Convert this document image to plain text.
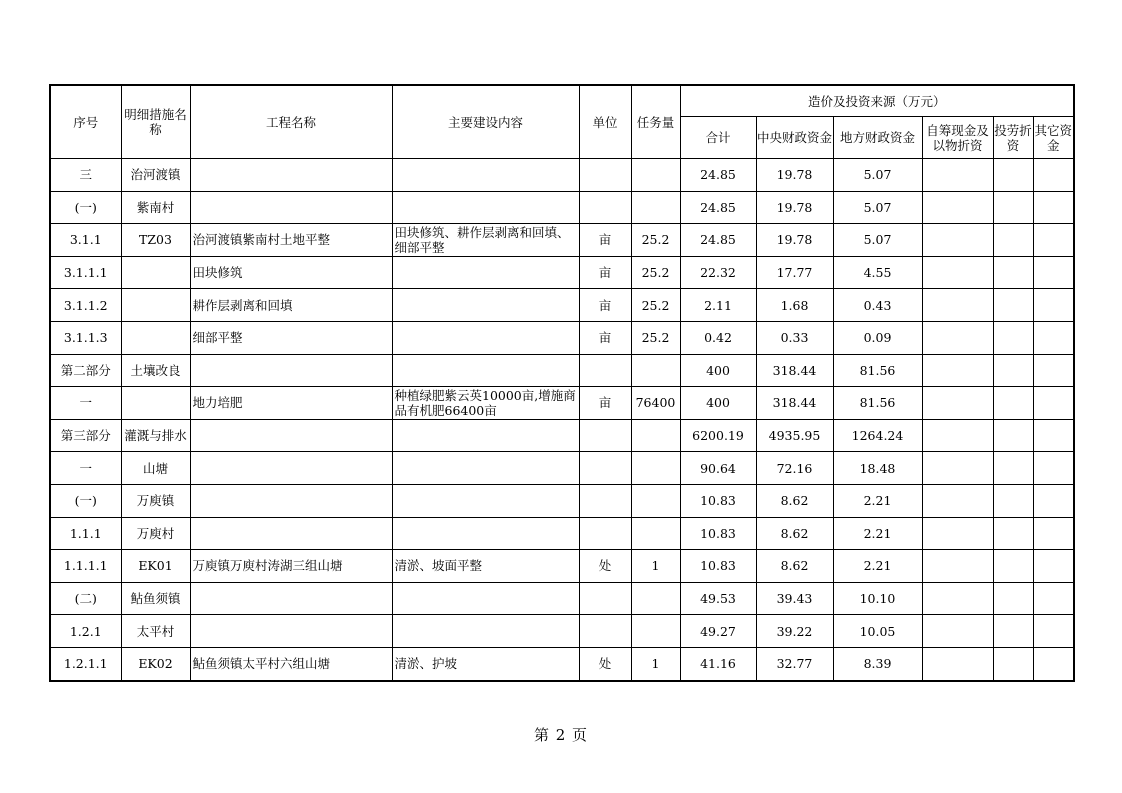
序号	明细措施名称	工程名称	主要建设内容	单位	任务量	造价及投资来源（万元）					
						合计	中央财政资金	地方财政资金	自筹现金及以物折资	投劳折资	其它资金
三	治河渡镇					24.85	19.78	5.07			
(一)	紫南村					24.85	19.78	5.07			
3.1.1	TZ03	治河渡镇紫南村土地平整	田块修筑、耕作层剥离和回填、细部平整	亩	25.2	24.85	19.78	5.07			
3.1.1.1		田块修筑		亩	25.2	22.32	17.77	4.55			
3.1.1.2		耕作层剥离和回填		亩	25.2	2.11	1.68	0.43			
3.1.1.3		细部平整		亩	25.2	0.42	0.33	0.09			
第二部分	土壤改良					400	318.44	81.56			
一		地力培肥	种植绿肥紫云英10000亩,增施商品有机肥66400亩	亩	76400	400	318.44	81.56			
第三部分	灌溉与排水					6200.19	4935.95	1264.24			
一	山塘					90.64	72.16	18.48			
(一)	万庾镇					10.83	8.62	2.21			
1.1.1	万庾村					10.83	8.62	2.21			
1.1.1.1	EK01	万庾镇万庾村涛湖三组山塘	清淤、坡面平整	处	1	10.83	8.62	2.21			
(二)	鲇鱼须镇					49.53	39.43	10.10			
1.2.1	太平村					49.27	39.22	10.05			
1.2.1.1	EK02	鲇鱼须镇太平村六组山塘	清淤、护坡	处	1	41.16	32.77	8.39			
第 2 页
